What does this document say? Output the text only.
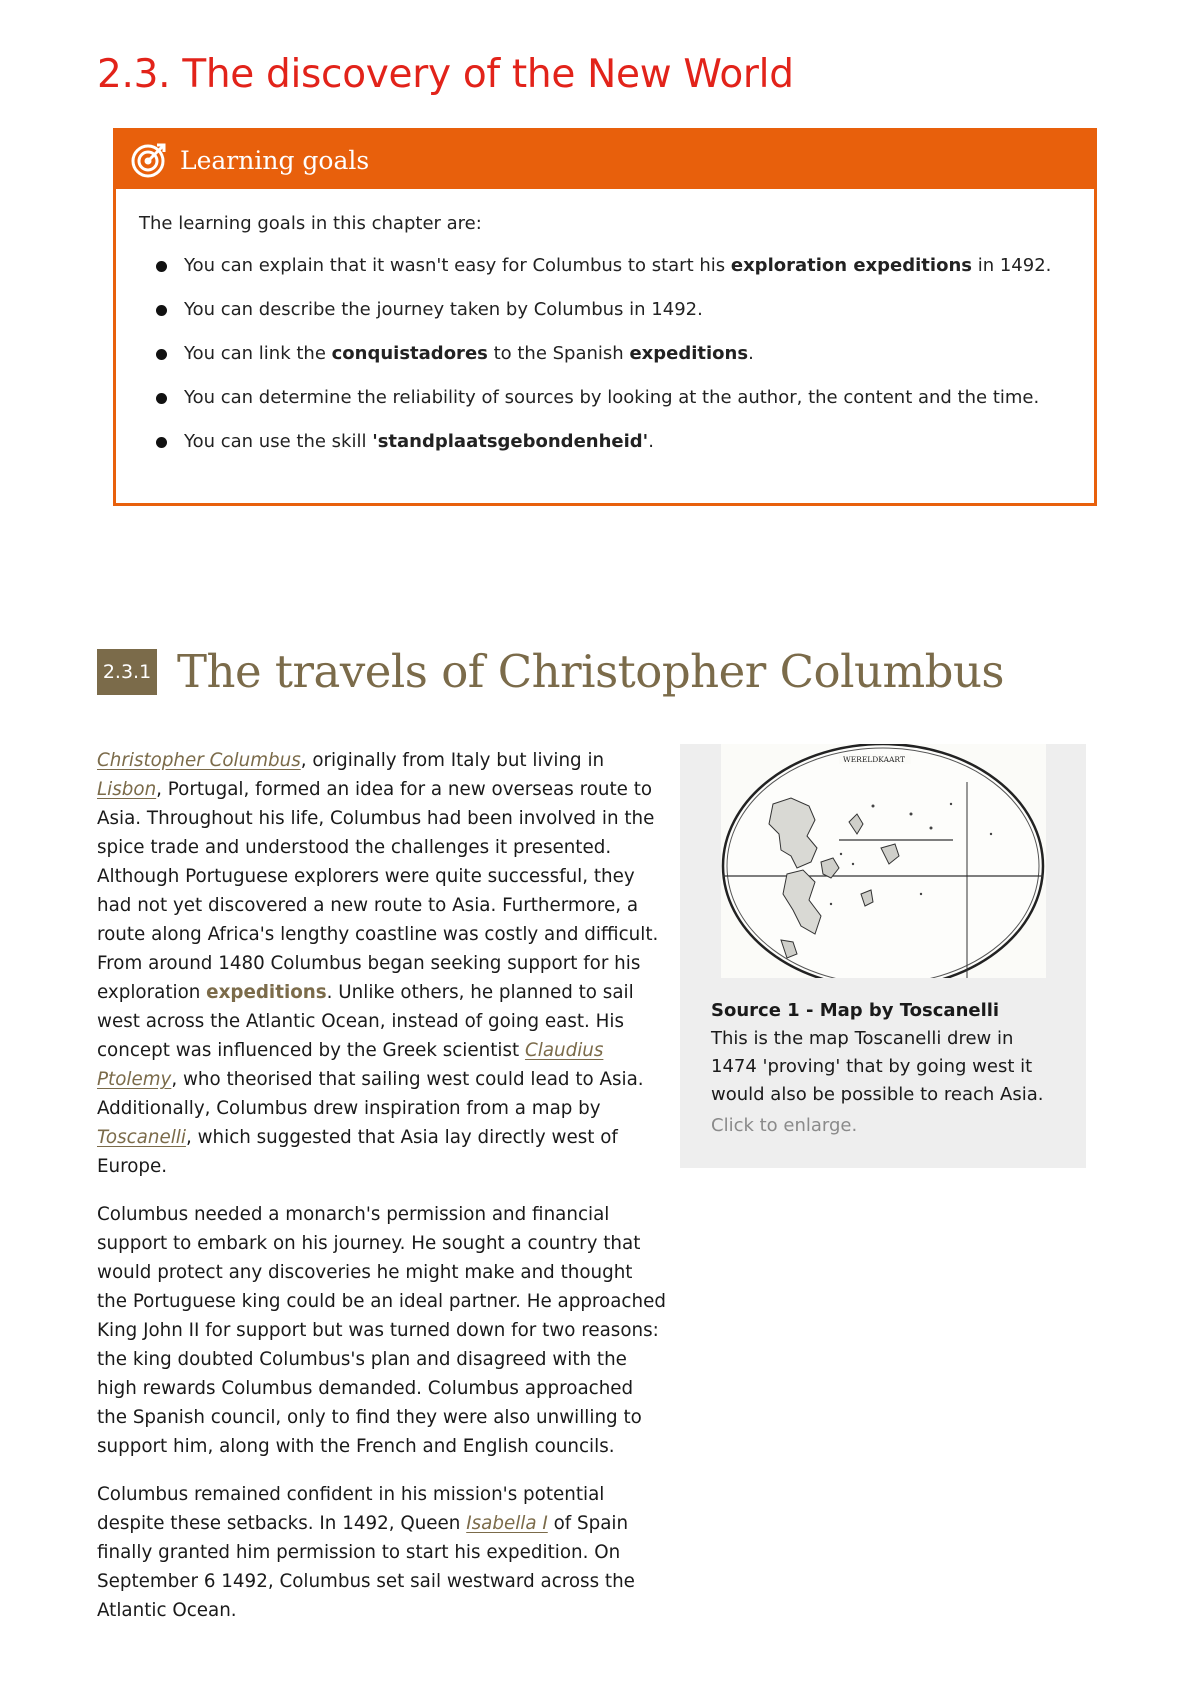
2.3. The discovery of the New World
Learning goals
The learning goals in this chapter are:
You can explain that it wasn't easy for Columbus to start his exploration expeditions in 1492.
You can describe the journey taken by Columbus in 1492.
You can link the conquistadores to the Spanish expeditions.
You can determine the reliability of sources by looking at the author, the content and the time.
You can use the skill 'standplaatsgebondenheid'.
2.3.1 The travels of Christopher Columbus

Christopher Columbus, originally from Italy but living in Lisbon, Portugal, formed an idea for a new overseas route to Asia. Throughout his life, Columbus had been involved in the spice trade and understood the challenges it presented. Although Portuguese explorers were quite successful, they had not yet discovered a new route to Asia. Furthermore, a route along Africa's lengthy coastline was costly and difficult. From around 1480 Columbus began seeking support for his exploration expeditions. Unlike others, he planned to sail west across the Atlantic Ocean, instead of going east. His concept was influenced by the Greek scientist Claudius Ptolemy, who theorised that sailing west could lead to Asia. Additionally, Columbus drew inspiration from a map by Toscanelli, which suggested that Asia lay directly west of Europe.

Columbus needed a monarch's permission and financial support to embark on his journey. He sought a country that would protect any discoveries he might make and thought the Portuguese king could be an ideal partner. He approached King John II for support but was turned down for two reasons: the king doubted Columbus's plan and disagreed with the high rewards Columbus demanded. Columbus approached the Spanish council, only to find they were also unwilling to support him, along with the French and English councils.

Columbus remained confident in his mission's potential despite these setbacks. In 1492, Queen Isabella I of Spain finally granted him permission to start his expedition. On September 6 1492, Columbus set sail westward across the Atlantic Ocean.

WERELDKAART
Source 1 - Map by Toscanelli
This is the map Toscanelli drew in 1474 'proving' that by going west it would also be possible to reach Asia.
Click to enlarge.
